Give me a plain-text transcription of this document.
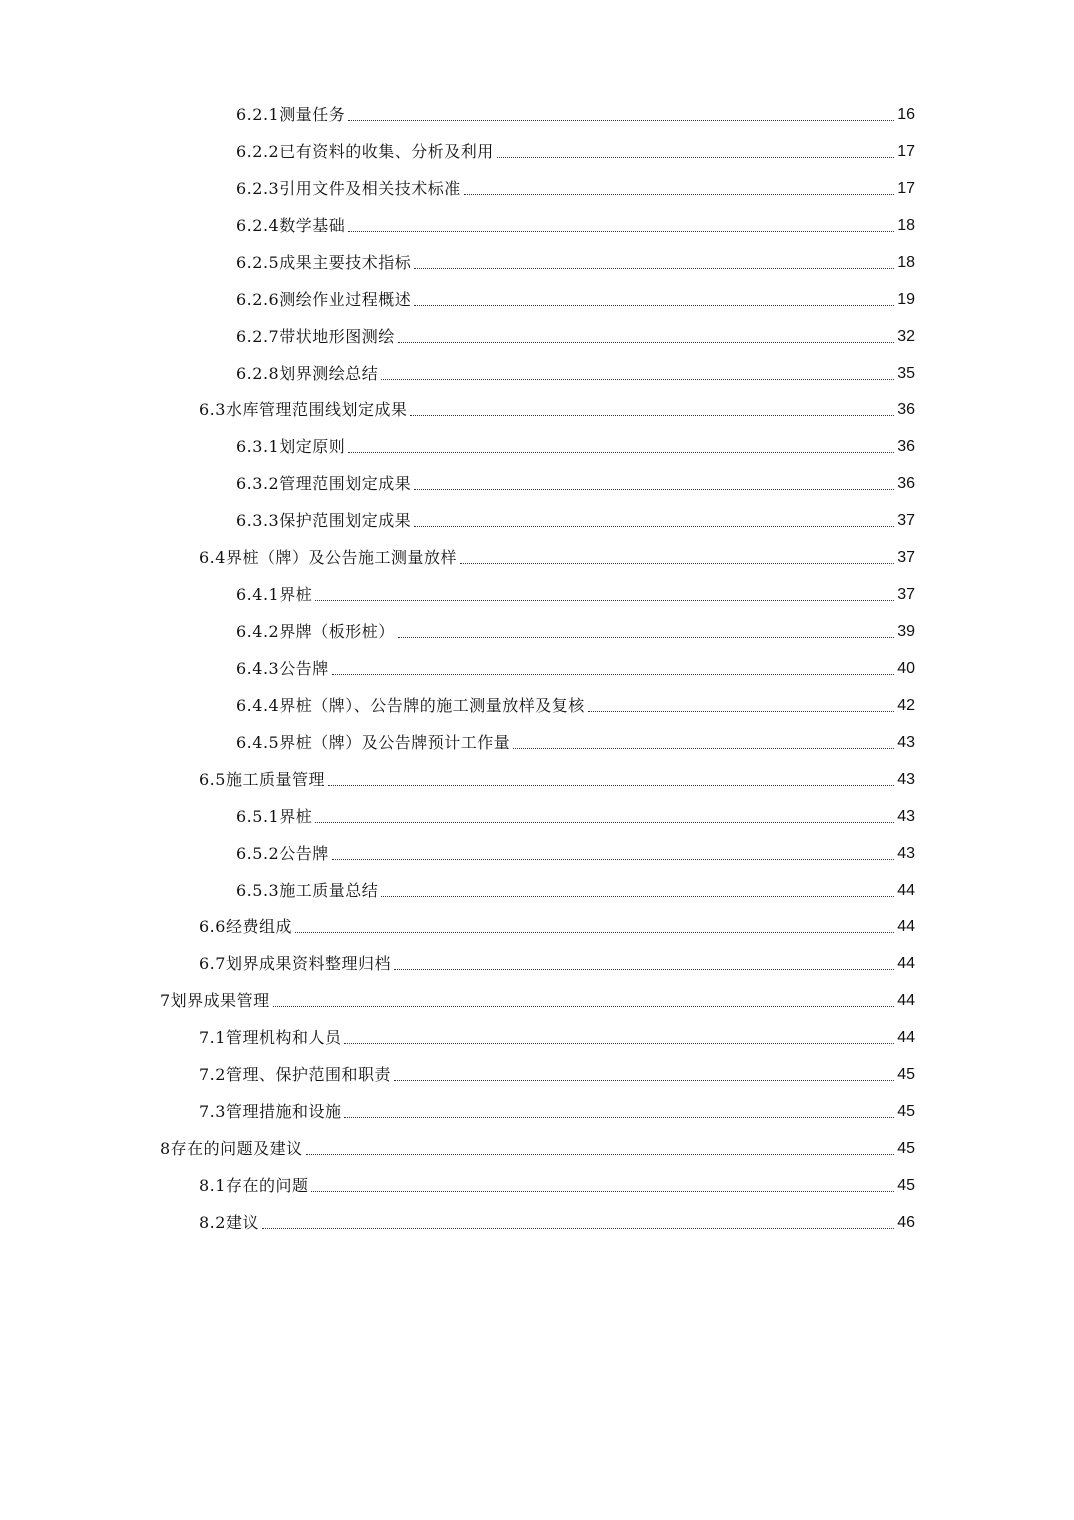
6.2.1测量任务	16
6.2.2已有资料的收集、分析及利用	17
6.2.3引用文件及相关技术标准	17
6.2.4数学基础	18
6.2.5成果主要技术指标	18
6.2.6测绘作业过程概述	19
6.2.7带状地形图测绘	32
6.2.8划界测绘总结	35
6.3水库管理范围线划定成果	36
6.3.1划定原则	36
6.3.2管理范围划定成果	36
6.3.3保护范围划定成果	37
6.4界桩（牌）及公告施工测量放样	37
6.4.1界桩	37
6.4.2界牌（板形桩）	39
6.4.3公告牌	40
6.4.4界桩（牌）、公告牌的施工测量放样及复核	42
6.4.5界桩（牌）及公告牌预计工作量	43
6.5施工质量管理	43
6.5.1界桩	43
6.5.2公告牌	43
6.5.3施工质量总结	44
6.6经费组成	44
6.7划界成果资料整理归档	44
7划界成果管理	44
7.1管理机构和人员	44
7.2管理、保护范围和职责	45
7.3管理措施和设施	45
8存在的问题及建议	45
8.1存在的问题	45
8.2建议	46
